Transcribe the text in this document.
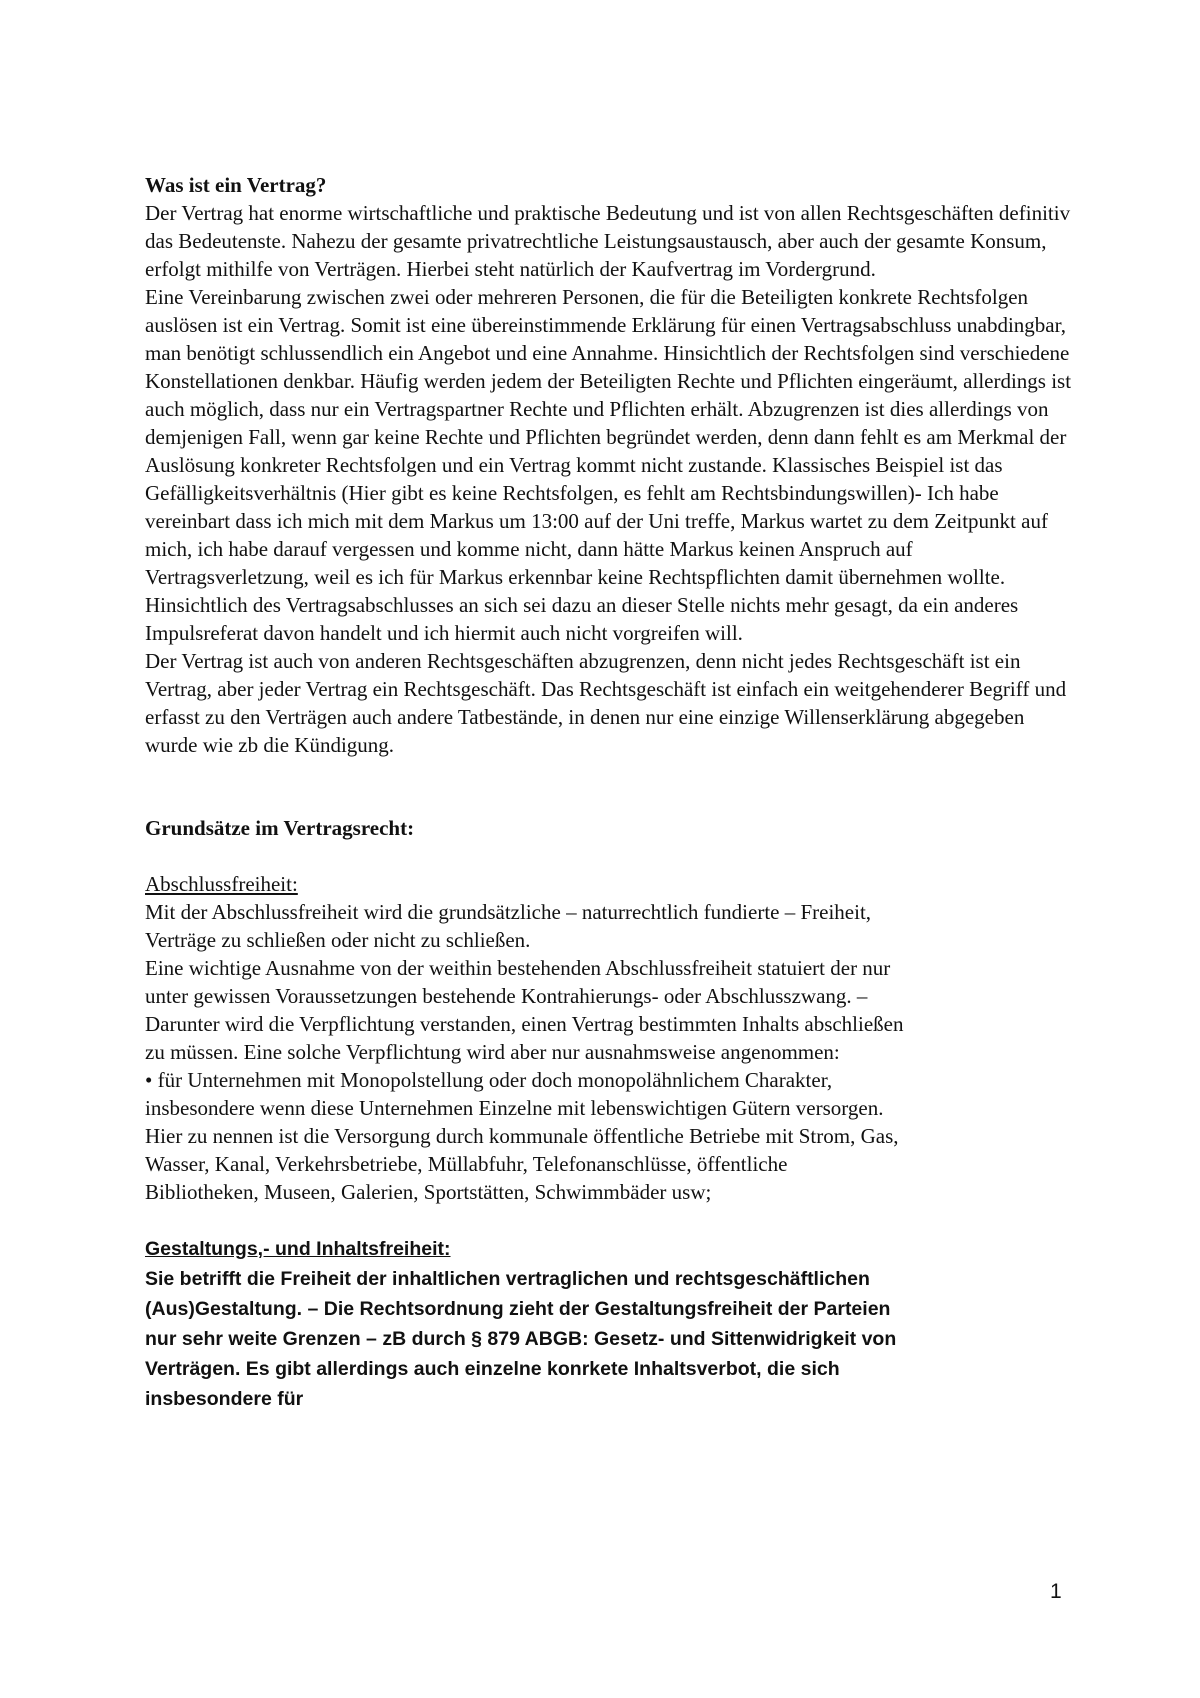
Was ist ein Vertrag?

Der Vertrag hat enorme wirtschaftliche und praktische Bedeutung und ist von allen Rechtsgeschäften definitiv das Bedeutenste. Nahezu der gesamte privatrechtliche Leistungsaustausch, aber auch der gesamte Konsum, erfolgt mithilfe von Verträgen. Hierbei steht natürlich der Kaufvertrag im Vordergrund.

Eine Vereinbarung zwischen zwei oder mehreren Personen, die für die Beteiligten konkrete Rechtsfolgen auslösen ist ein Vertrag. Somit ist eine übereinstimmende Erklärung für einen Vertragsabschluss unabdingbar, man benötigt schlussendlich ein Angebot und eine Annahme. Hinsichtlich der Rechtsfolgen sind verschiedene Konstellationen denkbar. Häufig werden jedem der Beteiligten Rechte und Pflichten eingeräumt, allerdings ist auch möglich, dass nur ein Vertragspartner Rechte und Pflichten erhält. Abzugrenzen ist dies allerdings von demjenigen Fall, wenn gar keine Rechte und Pflichten begründet werden, denn dann fehlt es am Merkmal der Auslösung konkreter Rechtsfolgen und ein Vertrag kommt nicht zustande. Klassisches Beispiel ist das Gefälligkeitsverhältnis (Hier gibt es keine Rechtsfolgen, es fehlt am Rechtsbindungswillen)- Ich habe vereinbart dass ich mich mit dem Markus um 13:00 auf der Uni treffe, Markus wartet zu dem Zeitpunkt auf mich, ich habe darauf vergessen und komme nicht, dann hätte Markus keinen Anspruch auf Vertragsverletzung, weil es ich für Markus erkennbar keine Rechtspflichten damit übernehmen wollte.

Hinsichtlich des Vertragsabschlusses an sich sei dazu an dieser Stelle nichts mehr gesagt, da ein anderes Impulsreferat davon handelt und ich hiermit auch nicht vorgreifen will.

Der Vertrag ist auch von anderen Rechtsgeschäften abzugrenzen, denn nicht jedes Rechtsgeschäft ist ein Vertrag, aber jeder Vertrag ein Rechtsgeschäft. Das Rechtsgeschäft ist einfach ein weitgehenderer Begriff und erfasst zu den Verträgen auch andere Tatbestände, in denen nur eine einzige Willenserklärung abgegeben wurde wie zb die Kündigung.

Grundsätze im Vertragsrecht:
Abschlussfreiheit:

Mit der Abschlussfreiheit wird die grundsätzliche – naturrechtlich fundierte – Freiheit, Verträge zu schließen oder nicht zu schließen.

Eine wichtige Ausnahme von der weithin bestehenden Abschlussfreiheit statuiert der nur unter gewissen Voraussetzungen bestehende Kontrahierungs- oder Abschlusszwang. – Darunter wird die Verpflichtung verstanden, einen Vertrag bestimmten Inhalts abschließen zu müssen. Eine solche Verpflichtung wird aber nur ausnahmsweise angenommen:

• für Unternehmen mit Monopolstellung oder doch monopolähnlichem Charakter, insbesondere wenn diese Unternehmen Einzelne mit lebenswichtigen Gütern versorgen. Hier zu nennen ist die Versorgung durch kommunale öffentliche Betriebe mit Strom, Gas, Wasser, Kanal, Verkehrsbetriebe, Müllabfuhr, Telefonanschlüsse, öffentliche Bibliotheken, Museen, Galerien, Sportstätten, Schwimmbäder usw;

Gestaltungs,- und Inhaltsfreiheit:
Sie betrifft die Freiheit der inhaltlichen vertraglichen und rechtsgeschäftlichen (Aus)Gestaltung. – Die Rechtsordnung zieht der Gestaltungsfreiheit der Parteien nur sehr weite Grenzen – zB durch § 879 ABGB: Gesetz- und Sittenwidrigkeit von Verträgen. Es gibt allerdings auch einzelne konrkete Inhaltsverbot, die sich insbesondere für
1
